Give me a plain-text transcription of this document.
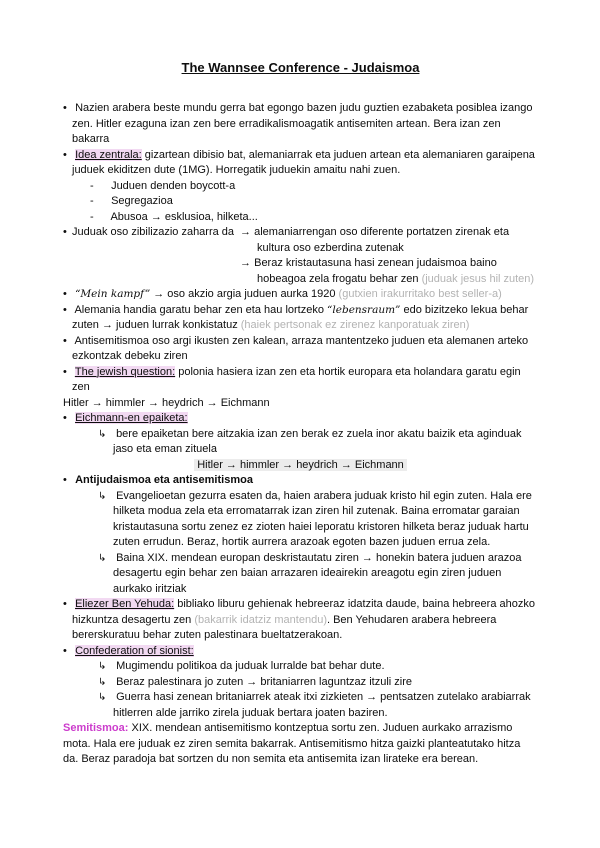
The Wannsee Conference - Judaismoa
• Nazien arabera beste mundu gerra bat egongo bazen judu guztien ezabaketa posiblea izango zen. Hitler ezaguna izan zen bere erradikalismoagatik antisemiten artean. Bera izan zen bakarra
• Idea zentrala: gizartean dibisio bat, alemaniarrak eta juduen artean eta alemaniaren garaipena juduek ekiditzen dute (1MG). Horregatik juduekin amaitu nahi zuen.
- Juduen denden boycott-a
- Segregazioa
- Abusoa → esklusioa, hilketa...
• Juduak oso zibilizazio zaharra da → alemaniarrengan oso diferente portatzen zirenak eta kultura oso ezberdina zutenak
→ Beraz kristautasuna hasi zenean judaismoa baino hobeagoa zela frogatu behar zen (juduak jesus hil zuten)
• “Mein kampf” → oso akzio argia juduen aurka 1920 (gutxien irakurritako best seller-a)
• Alemania handia garatu behar zen eta hau lortzeko “lebensraum” edo bizitzeko lekua behar zuten → juduen lurrak konkistatuz (haiek pertsonak ez zirenez kanporatuak ziren)
• Antisemitismoa oso argi ikusten zen kalean, arraza mantentzeko juduen eta alemanen arteko ezkontzak debeku ziren
• The jewish question: polonia hasiera izan zen eta hortik europara eta holandara garatu egin zen
Hitler → himmler → heydrich → Eichmann
• Eichmann-en epaiketa:
↳ bere epaiketan bere aitzakia izan zen berak ez zuela inor akatu baizik eta aginduak jaso eta eman zituela
Hitler → himmler → heydrich → Eichmann
• Antijudaismoa eta antisemitismoa
↳ Evangelioetan gezurra esaten da, haien arabera juduak kristo hil egin zuten. Hala ere hilketa modua zela eta erromatarrak izan ziren hil zutenak. Baina erromatar garaian kristautasuna sortu zenez ez zioten haiei leporatu kristoren hilketa beraz juduak hartu zuten errudun. Beraz, hortik aurrera arazoak egoten bazen juduen errua zela.
↳ Baina XIX. mendean europan deskristautatu ziren → honekin batera juduen arazoa desagertu egin behar zen baian arrazaren ideairekin areagotu egin ziren juduen aurkako iritziak
• Eliezer Ben Yehuda: bibliako liburu gehienak hebreeraz idatzita daude, baina hebreera ahozko hizkuntza desagertu zen (bakarrik idatziz mantendu). Ben Yehudaren arabera hebreera bererskuratuu behar zuten palestinara bueltatzerakoan.
• Confederation of sionist:
↳ Mugimendu politikoa da juduak lurralde bat behar dute.
↳ Beraz palestinara jo zuten → britaniarren laguntzaz itzuli zire
↳ Guerra hasi zenean britaniarrek ateak itxi zizkieten → pentsatzen zutelako arabiarrak hitlerren alde jarriko zirela juduak bertara joaten baziren.
Semitismoa: XIX. mendean antisemitismo kontzeptua sortu zen. Juduen aurkako arrazismo mota. Hala ere juduak ez ziren semita bakarrak. Antisemitismo hitza gaizki planteatutako hitza da. Beraz paradoja bat sortzen du non semita eta antisemita izan lirateke era berean.
